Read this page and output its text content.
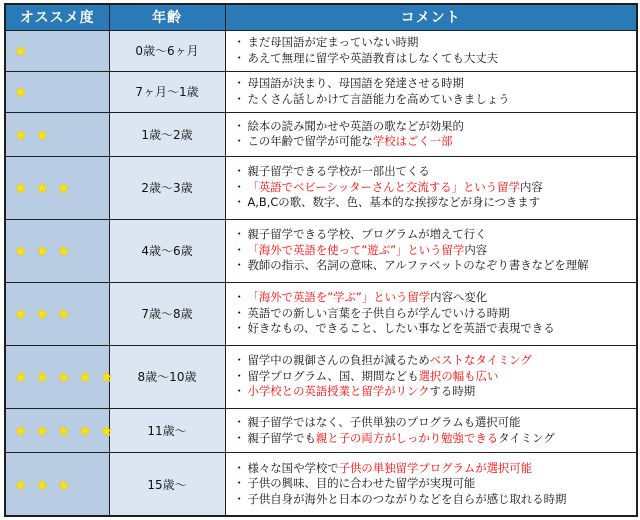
オススメ度	年齢	コメント
★	0歳～6ヶ月	・ まだ母国語が定まっていない時期
・ あえて無理に留学や英語教育はしなくても大丈夫

★	7ヶ月～1歳	・ 母国語が決まり、母国語を発達させる時期
・ たくさん話しかけて言語能力を高めていきましょう

★ ★	1歳～2歳	・ 絵本の読み聞かせや英語の歌などが効果的
・ この年齢で留学が可能な学校はごく一部

★ ★ ★	2歳～3歳	・ 親子留学できる学校が一部出てくる
・ 「英語でベビーシッターさんと交流する」という留学内容
・ A,B,Cの歌、数字、色、基本的な挨拶などが身につきます

★ ★ ★	4歳～6歳	・ 親子留学できる学校、プログラムが増えて行く
・ 「海外で英語を使って”遊ぶ”」という留学内容
・ 教師の指示、名詞の意味、アルファベットのなぞり書きなどを理解

★ ★ ★	7歳～8歳	・ 「海外で英語を”学ぶ”」という留学内容へ変化
・ 英語での新しい言葉を子供自らが学んでいける時期
・ 好きなもの、できること、したい事などを英語で表現できる

★ ★ ★ ★ ★	8歳～10歳	・ 留学中の親御さんの負担が減るためベストなタイミング
・ 留学プログラム、国、期間なども選択の幅も広い
・ 小学校との英語授業と留学がリンクする時期

★ ★ ★ ★ ★	11歳～	・ 親子留学ではなく、子供単独のプログラムも選択可能
・ 親子留学でも親と子の両方がしっかり勉強できるタイミング

★ ★ ★	15歳～	・ 様々な国や学校で子供の単独留学プログラムが選択可能
・ 子供の興味、目的に合わせた留学が実現可能
・ 子供自身が海外と日本のつながりなどを自らが感じ取れる時期
